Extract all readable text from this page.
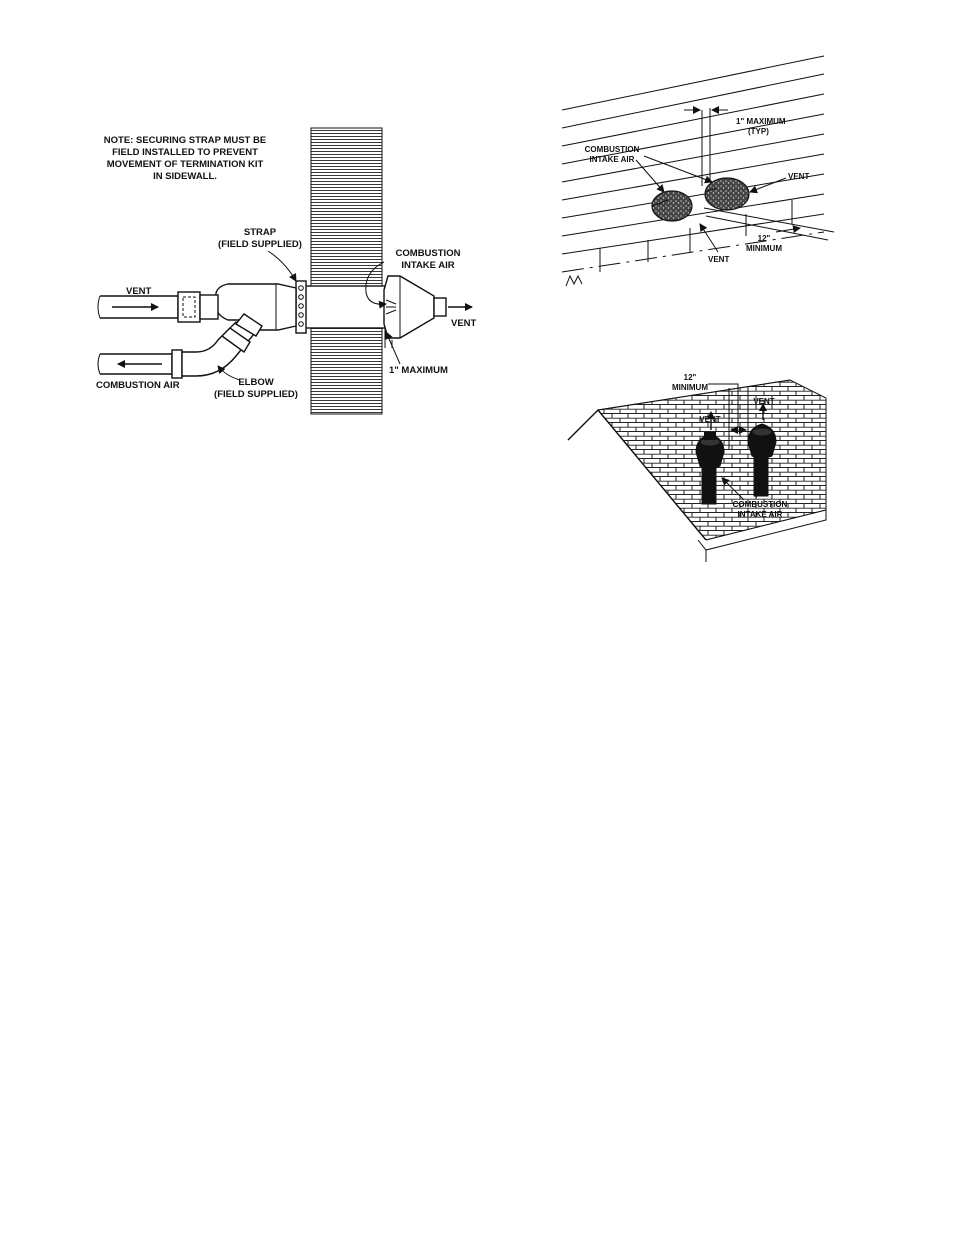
NOTE: SECURING STRAP MUST BE
FIELD INSTALLED TO PREVENT
MOVEMENT OF TERMINATION KIT
IN SIDEWALL.
VENT
VENT
COMBUSTION AIR
STRAP
(FIELD SUPPLIED)
COMBUSTION
INTAKE AIR
1" MAXIMUM
ELBOW
(FIELD SUPPLIED)
1" MAXIMUM
(TYP)
COMBUSTION
INTAKE AIR
VENT
12"
MINIMUM
VENT
VENT
VENT
12"
MINIMUM
COMBUSTION
INTAKE AIR
